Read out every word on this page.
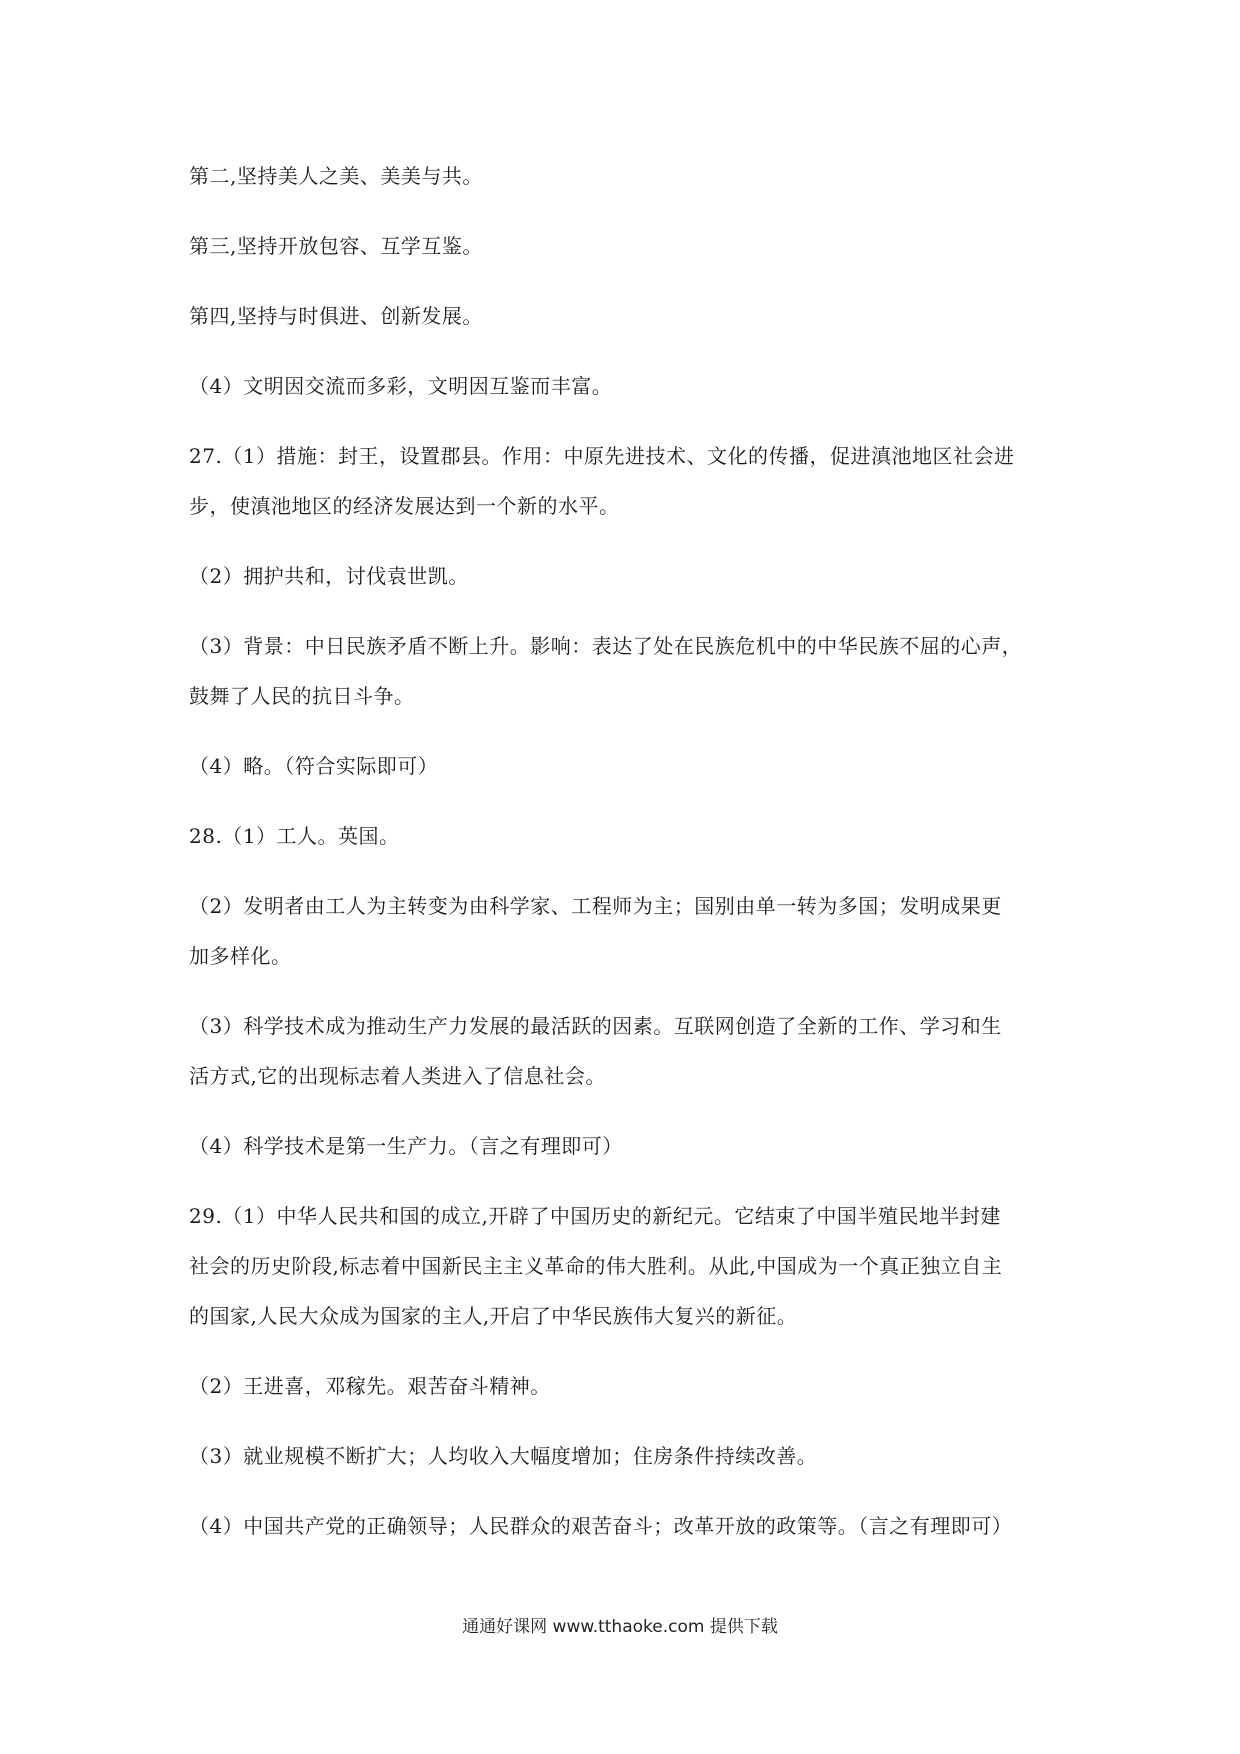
第二,坚持美人之美、美美与共。
第三,坚持开放包容、互学互鉴。
第四,坚持与时俱进、创新发展。
（4）文明因交流而多彩，文明因互鉴而丰富。
27.（1）措施：封王，设置郡县。作用：中原先进技术、文化的传播，促进滇池地区社会进
步，使滇池地区的经济发展达到一个新的水平。
（2）拥护共和，讨伐袁世凯。
（3）背景：中日民族矛盾不断上升。影响：表达了处在民族危机中的中华民族不屈的心声，
鼓舞了人民的抗日斗争。
（4）略。（符合实际即可）
28.（1）工人。英国。
（2）发明者由工人为主转变为由科学家、工程师为主；国别由单一转为多国；发明成果更
加多样化。
（3）科学技术成为推动生产力发展的最活跃的因素。互联网创造了全新的工作、学习和生
活方式,它的出现标志着人类进入了信息社会。
（4）科学技术是第一生产力。（言之有理即可）
29.（1）中华人民共和国的成立,开辟了中国历史的新纪元。它结束了中国半殖民地半封建
社会的历史阶段,标志着中国新民主主义革命的伟大胜利。从此,中国成为一个真正独立自主
的国家,人民大众成为国家的主人,开启了中华民族伟大复兴的新征。
（2）王进喜，邓稼先。艰苦奋斗精神。
（3）就业规模不断扩大；人均收入大幅度增加；住房条件持续改善。
（4）中国共产党的正确领导；人民群众的艰苦奋斗；改革开放的政策等。（言之有理即可）
通通好课网 www.tthaoke.com 提供下载
